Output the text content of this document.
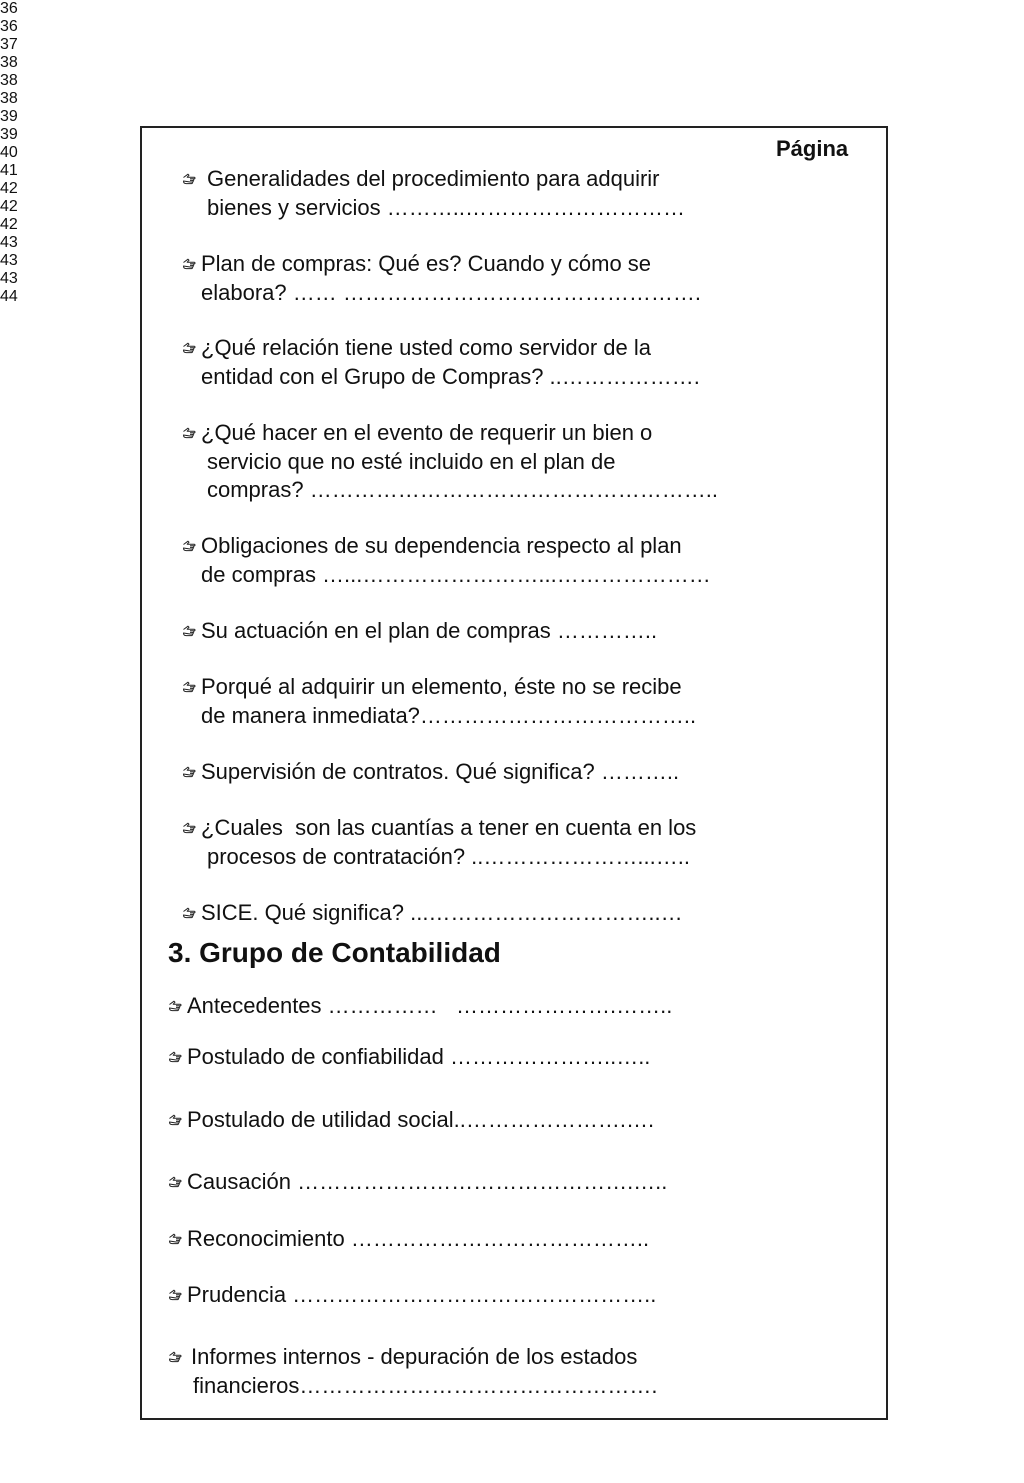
Página
3. Grupo de Contabilidad
Generalidades del procedimiento para adquirir
bienes y servicios ………..…………………………
36
Plan de compras: Qué es? Cuando y cómo se
elabora? …… ………………………………………….
36
¿Qué relación tiene usted como servidor de la
entidad con el Grupo de Compras? ..……………….
37
¿Qué hacer en el evento de requerir un bien o
servicio que no esté incluido en el plan de
compras? ………………………………………………..
38
Obligaciones de su dependencia respecto al plan
de compras …...……………………...…………………
38
Su actuación en el plan de compras …………..
38
Porqué al adquirir un elemento, éste no se recibe
de manera inmediata?………………………………..
39
Supervisión de contratos. Qué significa? ………..
39
¿Cuales  son las cuantías a tener en cuenta en los
procesos de contratación? ..…………………...…..
40
SICE. Qué significa? ...…………………………..…
41
Antecedentes ……………   ………………….……..
42
Postulado de confiabilidad …………………..…..
42
Postulado de utilidad social..………………….….
42
Causación ……………………………………….…..
43
Reconocimiento …………………………………..
43
Prudencia …………………………………………..
43
Informes internos - depuración de los estados
financieros………………………………………….
44
